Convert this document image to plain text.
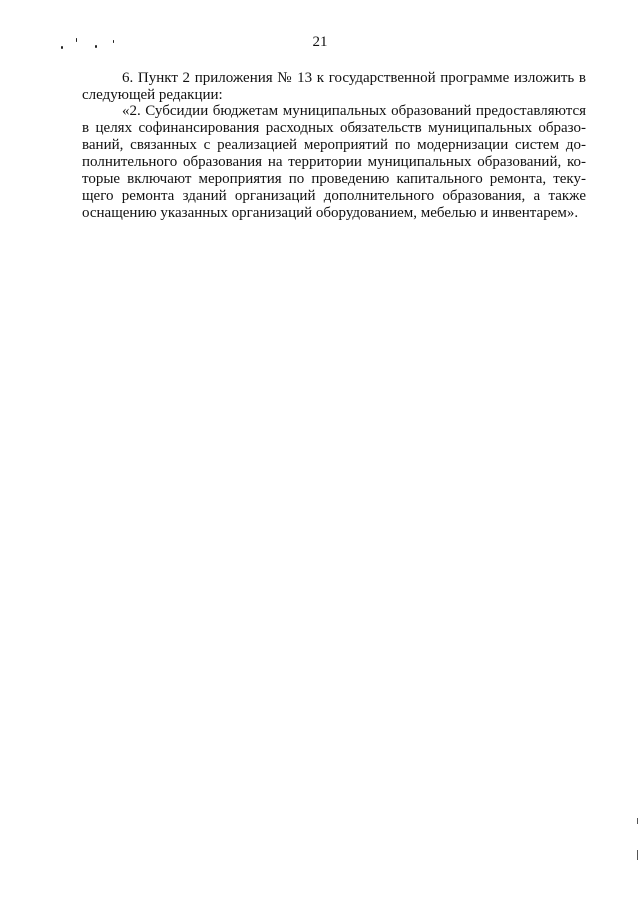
21
6. Пункт 2 приложения № 13 к государственной программе изложить в
следующей редакции:
«2. Субсидии бюджетам муниципальных образований предоставляются
в целях софинансирования расходных обязательств муниципальных образо-
ваний, связанных с реализацией мероприятий по модернизации систем до-
полнительного образования на территории муниципальных образований, ко-
торые включают мероприятия по проведению капитального ремонта, теку-
щего ремонта зданий организаций дополнительного образования, а также
оснащению указанных организаций оборудованием, мебелью и инвентарем».
